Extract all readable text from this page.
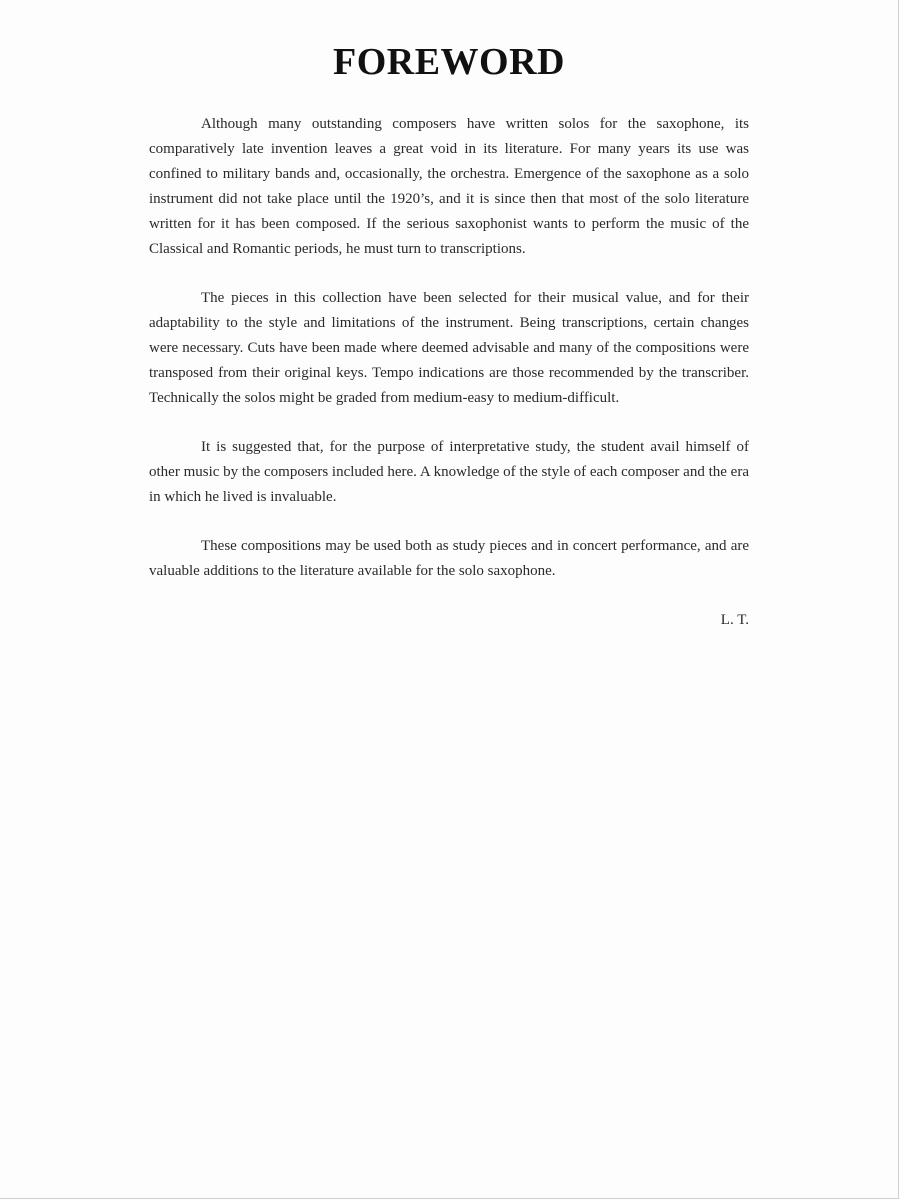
FOREWORD

Although many outstanding composers have written solos for the saxophone, its comparatively late invention leaves a great void in its literature. For many years its use was confined to military bands and, occasionally, the orchestra. Emergence of the saxophone as a solo instrument did not take place until the 1920’s, and it is since then that most of the solo literature written for it has been composed. If the serious saxophonist wants to perform the music of the Classical and Romantic periods, he must turn to transcriptions.

The pieces in this collection have been selected for their musical value, and for their adaptability to the style and limitations of the instrument. Being transcriptions, certain changes were necessary. Cuts have been made where deemed advisable and many of the compositions were transposed from their original keys. Tempo indications are those recommended by the transcriber. Technically the solos might be graded from medium-easy to medium-difficult.

It is suggested that, for the purpose of interpretative study, the student avail himself of other music by the composers included here. A knowledge of the style of each composer and the era in which he lived is invaluable.

These compositions may be used both as study pieces and in concert performance, and are valuable additions to the literature available for the solo saxophone.

L. T.
